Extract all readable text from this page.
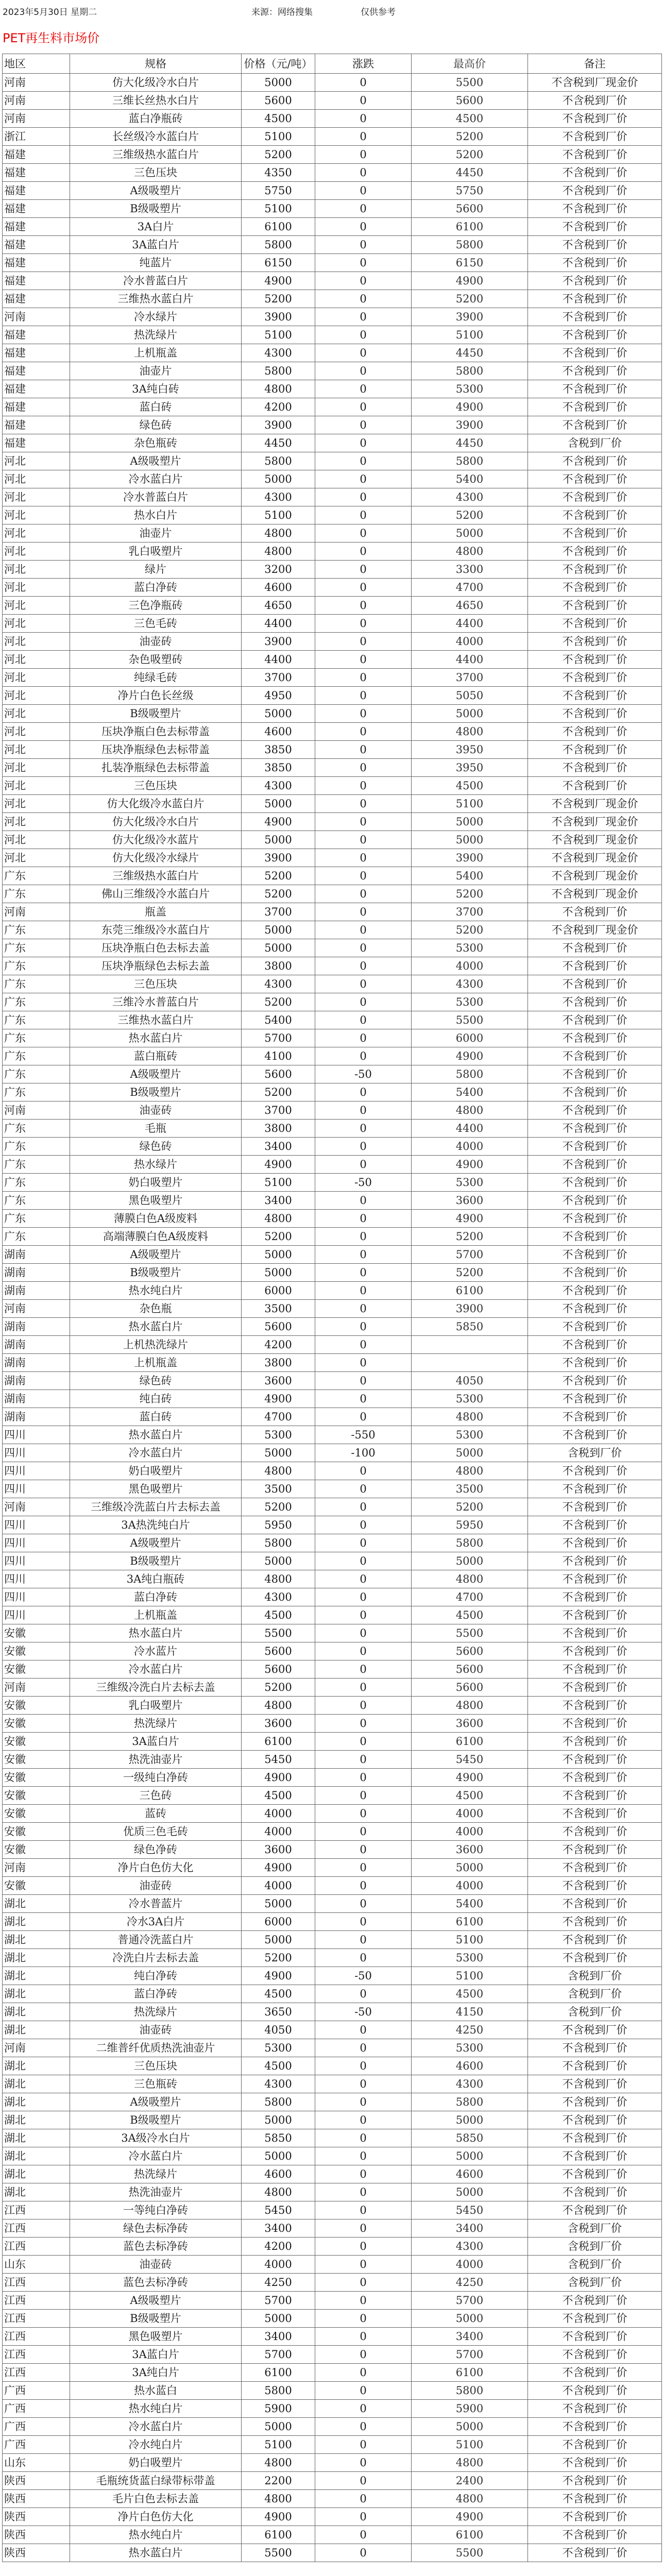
2023年5月30日 星期二	来源：网络搜集	仅供参考
PET再生料市场价
地区	规格	价格（元/吨）	涨跌	最高价	备注
河南	仿大化级冷水白片	5000	0	5500	不含税到厂现金价
河南	三维长丝热水白片	5600	0	5600	不含税到厂价
河南	蓝白净瓶砖	4500	0	4500	不含税到厂价
浙江	长丝级冷水蓝白片	5100	0	5200	不含税到厂价
福建	三维级热水蓝白片	5200	0	5200	不含税到厂价
福建	三色压块	4350	0	4450	不含税到厂价
福建	A级吸塑片	5750	0	5750	不含税到厂价
福建	B级吸塑片	5100	0	5600	不含税到厂价
福建	3A白片	6100	0	6100	不含税到厂价
福建	3A蓝白片	5800	0	5800	不含税到厂价
福建	纯蓝片	6150	0	6150	不含税到厂价
福建	冷水普蓝白片	4900	0	4900	不含税到厂价
福建	三维热水蓝白片	5200	0	5200	不含税到厂价
河南	冷水绿片	3900	0	3900	不含税到厂价
福建	热洗绿片	5100	0	5100	不含税到厂价
福建	上机瓶盖	4300	0	4450	不含税到厂价
福建	油壶片	5800	0	5800	不含税到厂价
福建	3A纯白砖	4800	0	5300	不含税到厂价
福建	蓝白砖	4200	0	4900	不含税到厂价
福建	绿色砖	3900	0	3900	不含税到厂价
福建	杂色瓶砖	4450	0	4450	含税到厂价
河北	A级吸塑片	5800	0	5800	不含税到厂价
河北	冷水蓝白片	5000	0	5400	不含税到厂价
河北	冷水普蓝白片	4300	0	4300	不含税到厂价
河北	热水白片	5100	0	5200	不含税到厂价
河北	油壶片	4800	0	5000	不含税到厂价
河北	乳白吸塑片	4800	0	4800	不含税到厂价
河北	绿片	3200	0	3300	不含税到厂价
河北	蓝白净砖	4600	0	4700	不含税到厂价
河北	三色净瓶砖	4650	0	4650	不含税到厂价
河北	三色毛砖	4400	0	4400	不含税到厂价
河北	油壶砖	3900	0	4000	不含税到厂价
河北	杂色吸塑砖	4400	0	4400	不含税到厂价
河北	纯绿毛砖	3700	0	3700	不含税到厂价
河北	净片白色长丝级	4950	0	5050	不含税到厂价
河北	B级吸塑片	5000	0	5000	不含税到厂价
河北	压块净瓶白色去标带盖	4600	0	4800	不含税到厂价
河北	压块净瓶绿色去标带盖	3850	0	3950	不含税到厂价
河北	扎装净瓶绿色去标带盖	3850	0	3950	不含税到厂价
河北	三色压块	4300	0	4500	不含税到厂价
河北	仿大化级冷水蓝白片	5000	0	5100	不含税到厂现金价
河北	仿大化级冷水白片	4900	0	5000	不含税到厂现金价
河北	仿大化级冷水蓝片	5000	0	5000	不含税到厂现金价
河北	仿大化级冷水绿片	3900	0	3900	不含税到厂现金价
广东	三维级热水蓝白片	5200	0	5400	不含税到厂现金价
广东	佛山三维级冷水蓝白片	5200	0	5200	不含税到厂现金价
河南	瓶盖	3700	0	3700	不含税到厂价
广东	东莞三维级冷水蓝白片	5000	0	5200	不含税到厂现金价
广东	压块净瓶白色去标去盖	5000	0	5300	不含税到厂价
广东	压块净瓶绿色去标去盖	3800	0	4000	不含税到厂价
广东	三色压块	4300	0	4300	不含税到厂价
广东	三维冷水普蓝白片	5200	0	5300	不含税到厂价
广东	三维热水蓝白片	5400	0	5500	不含税到厂价
广东	热水蓝白片	5700	0	6000	不含税到厂价
广东	蓝白瓶砖	4100	0	4900	不含税到厂价
广东	A级吸塑片	5600	-50	5800	不含税到厂价
广东	B级吸塑片	5200	0	5400	不含税到厂价
河南	油壶砖	3700	0	4800	不含税到厂价
广东	毛瓶	3800	0	4400	不含税到厂价
广东	绿色砖	3400	0	4000	不含税到厂价
广东	热水绿片	4900	0	4900	不含税到厂价
广东	奶白吸塑片	5100	-50	5300	不含税到厂价
广东	黑色吸塑片	3400	0	3600	不含税到厂价
广东	薄膜白色A级废料	4800	0	4900	不含税到厂价
广东	高端薄膜白色A级废料	5200	0	5200	不含税到厂价
湖南	A级吸塑片	5000	0	5700	不含税到厂价
湖南	B级吸塑片	5000	0	5200	不含税到厂价
湖南	热水纯白片	6000	0	6100	不含税到厂价
河南	杂色瓶	3500	0	3900	不含税到厂价
湖南	热水蓝白片	5600	0	5850	不含税到厂价
湖南	上机热洗绿片	4200	0		不含税到厂价
湖南	上机瓶盖	3800	0		不含税到厂价
湖南	绿色砖	3600	0	4050	不含税到厂价
湖南	纯白砖	4900	0	5300	不含税到厂价
湖南	蓝白砖	4700	0	4800	不含税到厂价
四川	热水蓝白片	5300	-550	5300	不含税到厂价
四川	冷水蓝白片	5000	-100	5000	含税到厂价
四川	奶白吸塑片	4800	0	4800	不含税到厂价
四川	黑色吸塑片	3500	0	3500	不含税到厂价
河南	三维级冷洗蓝白片去标去盖	5200	0	5200	不含税到厂价
四川	3A热洗纯白片	5950	0	5950	不含税到厂价
四川	A级吸塑片	5800	0	5800	不含税到厂价
四川	B级吸塑片	5000	0	5000	不含税到厂价
四川	3A纯白瓶砖	4800	0	4800	不含税到厂价
四川	蓝白净砖	4300	0	4700	不含税到厂价
四川	上机瓶盖	4500	0	4500	不含税到厂价
安徽	热水蓝白片	5500	0	5500	不含税到厂价
安徽	冷水蓝片	5600	0	5600	不含税到厂价
安徽	冷水蓝白片	5600	0	5600	不含税到厂价
河南	三维级冷洗白片去标去盖	5200	0	5600	不含税到厂价
安徽	乳白吸塑片	4800	0	4800	不含税到厂价
安徽	热洗绿片	3600	0	3600	不含税到厂价
安徽	3A蓝白片	6100	0	6100	不含税到厂价
安徽	热洗油壶片	5450	0	5450	不含税到厂价
安徽	一级纯白净砖	4900	0	4900	不含税到厂价
安徽	三色砖	4500	0	4500	不含税到厂价
安徽	蓝砖	4000	0	4000	不含税到厂价
安徽	优质三色毛砖	4000	0	4000	不含税到厂价
安徽	绿色净砖	3600	0	3600	不含税到厂价
河南	净片白色仿大化	4900	0	5000	不含税到厂价
安徽	油壶砖	4000	0	4000	不含税到厂价
湖北	冷水普蓝片	5000	0	5400	不含税到厂价
湖北	冷水3A白片	6000	0	6100	不含税到厂价
湖北	普通冷洗蓝白片	5000	0	5100	不含税到厂价
湖北	冷洗白片去标去盖	5200	0	5300	不含税到厂价
湖北	纯白净砖	4900	-50	5100	含税到厂价
湖北	蓝白净砖	4500	0	4500	含税到厂价
湖北	热洗绿片	3650	-50	4150	含税到厂价
湖北	油壶砖	4050	0	4250	不含税到厂价
河南	二维普纤优质热洗油壶片	5300	0	5300	不含税到厂价
湖北	三色压块	4500	0	4600	不含税到厂价
湖北	三色瓶砖	4300	0	4300	不含税到厂价
湖北	A级吸塑片	5800	0	5800	不含税到厂价
湖北	B级吸塑片	5000	0	5000	不含税到厂价
湖北	3A级冷水白片	5850	0	5850	不含税到厂价
湖北	冷水蓝白片	5000	0	5000	不含税到厂价
湖北	热洗绿片	4600	0	4600	不含税到厂价
湖北	热洗油壶片	4800	0	5000	不含税到厂价
江西	一等纯白净砖	5450	0	5450	不含税到厂价
江西	绿色去标净砖	3400	0	3400	含税到厂价
江西	蓝色去标净砖	4200	0	4300	含税到厂价
山东	油壶砖	4000	0	4000	含税到厂价
江西	蓝色去标净砖	4250	0	4250	含税到厂价
江西	A级吸塑片	5700	0	5700	不含税到厂价
江西	B级吸塑片	5000	0	5000	不含税到厂价
江西	黑色吸塑片	3400	0	3400	不含税到厂价
江西	3A蓝白片	5700	0	5700	不含税到厂价
江西	3A纯白片	6100	0	6100	不含税到厂价
广西	热水蓝白	5800	0	5800	不含税到厂价
广西	热水纯白片	5900	0	5900	不含税到厂价
广西	冷水蓝白片	5000	0	5000	不含税到厂价
广西	冷水纯白片	5100	0	5100	不含税到厂价
山东	奶白吸塑片	4800	0	4800	不含税到厂价
陕西	毛瓶统货蓝白绿带标带盖	2200	0	2400	不含税到厂价
陕西	毛片白色去标去盖	4800	0	4800	不含税到厂价
陕西	净片白色仿大化	4900	0	4900	不含税到厂价
陕西	热水纯白片	6100	0	6100	不含税到厂价
陕西	热水蓝白片	5500	0	5500	不含税到厂价
